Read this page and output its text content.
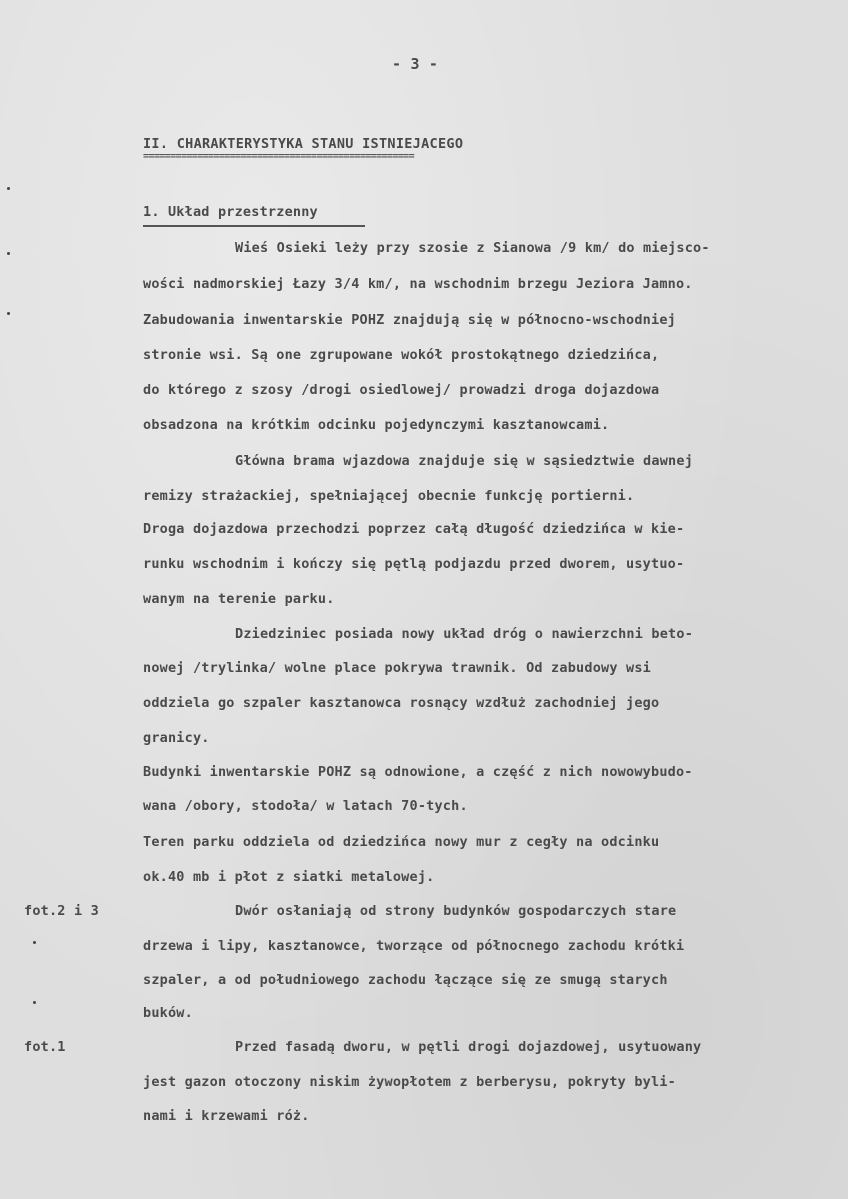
- 3 -
II. CHARAKTERYSTYKA STANU ISTNIEJACEGO
==================================================
1. Układ przestrzenny
fot.2 i 3
fot.1
Wieś Osieki leży przy szosie z Sianowa /9 km/ do miejsco-
wości nadmorskiej Łazy 3/4 km/, na wschodnim brzegu Jeziora Jamno.
Zabudowania inwentarskie POHZ znajdują się w północno-wschodniej
stronie wsi. Są one zgrupowane wokół prostokątnego dziedzińca,
do którego z szosy /drogi osiedlowej/ prowadzi droga dojazdowa
obsadzona na krótkim odcinku pojedynczymi kasztanowcami.
Główna brama wjazdowa znajduje się w sąsiedztwie dawnej
remizy strażackiej, spełniającej obecnie funkcję portierni.
Droga dojazdowa przechodzi poprzez całą długość dziedzińca w kie-
runku wschodnim i kończy się pętlą podjazdu przed dworem, usytuo-
wanym na terenie parku.
Dziedziniec posiada nowy układ dróg o nawierzchni beto-
nowej /trylinka/ wolne place pokrywa trawnik. Od zabudowy wsi
oddziela go szpaler kasztanowca rosnący wzdłuż zachodniej jego
granicy.
Budynki inwentarskie POHZ są odnowione, a część z nich nowowybudo-
wana /obory, stodoła/ w latach 70-tych.
Teren parku oddziela od dziedzińca nowy mur z cegły na odcinku
ok.40 mb i płot z siatki metalowej.
Dwór osłaniają od strony budynków gospodarczych stare
drzewa i lipy, kasztanowce, tworzące od północnego zachodu krótki
szpaler, a od południowego zachodu łączące się ze smugą starych
buków.
Przed fasadą dworu, w pętli drogi dojazdowej, usytuowany
jest gazon otoczony niskim żywopłotem z berberysu, pokryty byli-
nami i krzewami róż.
